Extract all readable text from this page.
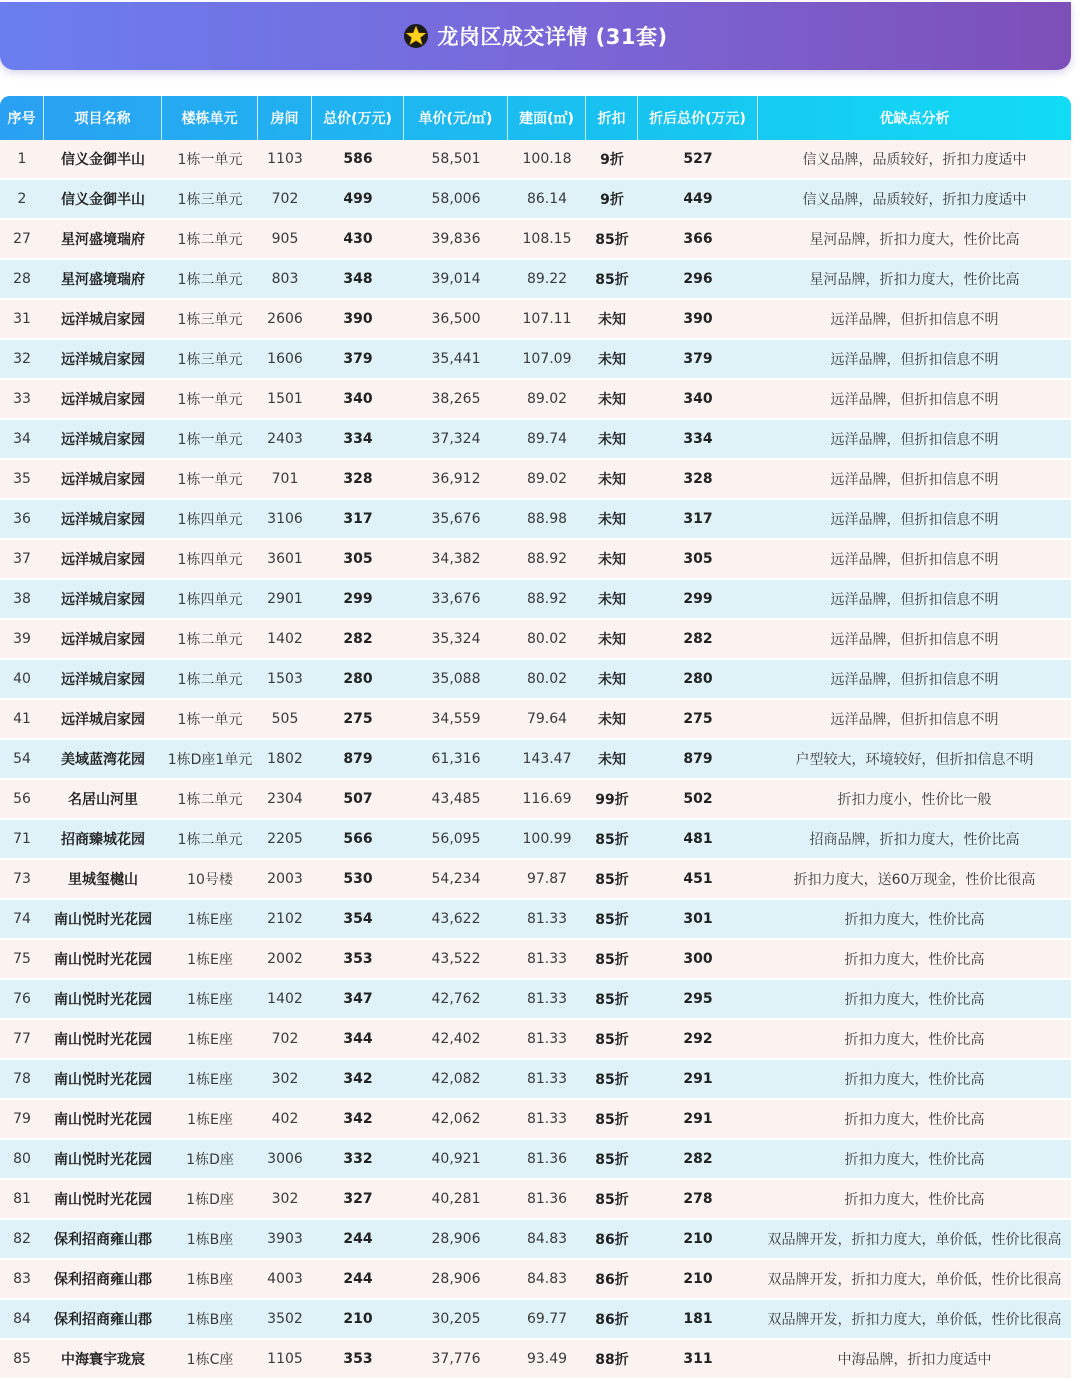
龙岗区成交详情 (31套)
序号	项目名称	楼栋单元	房间	总价(万元)	单价(元/㎡)	建面(㎡)	折扣	折后总价(万元)	优缺点分析
1	信义金御半山	1栋一单元	1103	586	58,501	100.18	9折	527	信义品牌，品质较好，折扣力度适中
2	信义金御半山	1栋三单元	702	499	58,006	86.14	9折	449	信义品牌，品质较好，折扣力度适中
27	星河盛境瑞府	1栋二单元	905	430	39,836	108.15	85折	366	星河品牌，折扣力度大，性价比高
28	星河盛境瑞府	1栋二单元	803	348	39,014	89.22	85折	296	星河品牌，折扣力度大，性价比高
31	远洋城启家园	1栋三单元	2606	390	36,500	107.11	未知	390	远洋品牌，但折扣信息不明
32	远洋城启家园	1栋三单元	1606	379	35,441	107.09	未知	379	远洋品牌，但折扣信息不明
33	远洋城启家园	1栋一单元	1501	340	38,265	89.02	未知	340	远洋品牌，但折扣信息不明
34	远洋城启家园	1栋一单元	2403	334	37,324	89.74	未知	334	远洋品牌，但折扣信息不明
35	远洋城启家园	1栋一单元	701	328	36,912	89.02	未知	328	远洋品牌，但折扣信息不明
36	远洋城启家园	1栋四单元	3106	317	35,676	88.98	未知	317	远洋品牌，但折扣信息不明
37	远洋城启家园	1栋四单元	3601	305	34,382	88.92	未知	305	远洋品牌，但折扣信息不明
38	远洋城启家园	1栋四单元	2901	299	33,676	88.92	未知	299	远洋品牌，但折扣信息不明
39	远洋城启家园	1栋二单元	1402	282	35,324	80.02	未知	282	远洋品牌，但折扣信息不明
40	远洋城启家园	1栋二单元	1503	280	35,088	80.02	未知	280	远洋品牌，但折扣信息不明
41	远洋城启家园	1栋一单元	505	275	34,559	79.64	未知	275	远洋品牌，但折扣信息不明
54	美域蓝湾花园	1栋D座1单元	1802	879	61,316	143.47	未知	879	户型较大，环境较好，但折扣信息不明
56	名居山河里	1栋二单元	2304	507	43,485	116.69	99折	502	折扣力度小，性价比一般
71	招商臻城花园	1栋二单元	2205	566	56,095	100.99	85折	481	招商品牌，折扣力度大，性价比高
73	里城玺樾山	10号楼	2003	530	54,234	97.87	85折	451	折扣力度大，送60万现金，性价比很高
74	南山悦时光花园	1栋E座	2102	354	43,622	81.33	85折	301	折扣力度大，性价比高
75	南山悦时光花园	1栋E座	2002	353	43,522	81.33	85折	300	折扣力度大，性价比高
76	南山悦时光花园	1栋E座	1402	347	42,762	81.33	85折	295	折扣力度大，性价比高
77	南山悦时光花园	1栋E座	702	344	42,402	81.33	85折	292	折扣力度大，性价比高
78	南山悦时光花园	1栋E座	302	342	42,082	81.33	85折	291	折扣力度大，性价比高
79	南山悦时光花园	1栋E座	402	342	42,062	81.33	85折	291	折扣力度大，性价比高
80	南山悦时光花园	1栋D座	3006	332	40,921	81.36	85折	282	折扣力度大，性价比高
81	南山悦时光花园	1栋D座	302	327	40,281	81.36	85折	278	折扣力度大，性价比高
82	保利招商雍山郡	1栋B座	3903	244	28,906	84.83	86折	210	双品牌开发，折扣力度大，单价低，性价比很高
83	保利招商雍山郡	1栋B座	4003	244	28,906	84.83	86折	210	双品牌开发，折扣力度大，单价低，性价比很高
84	保利招商雍山郡	1栋B座	3502	210	30,205	69.77	86折	181	双品牌开发，折扣力度大，单价低，性价比很高
85	中海寰宇珑宸	1栋C座	1105	353	37,776	93.49	88折	311	中海品牌，折扣力度适中
